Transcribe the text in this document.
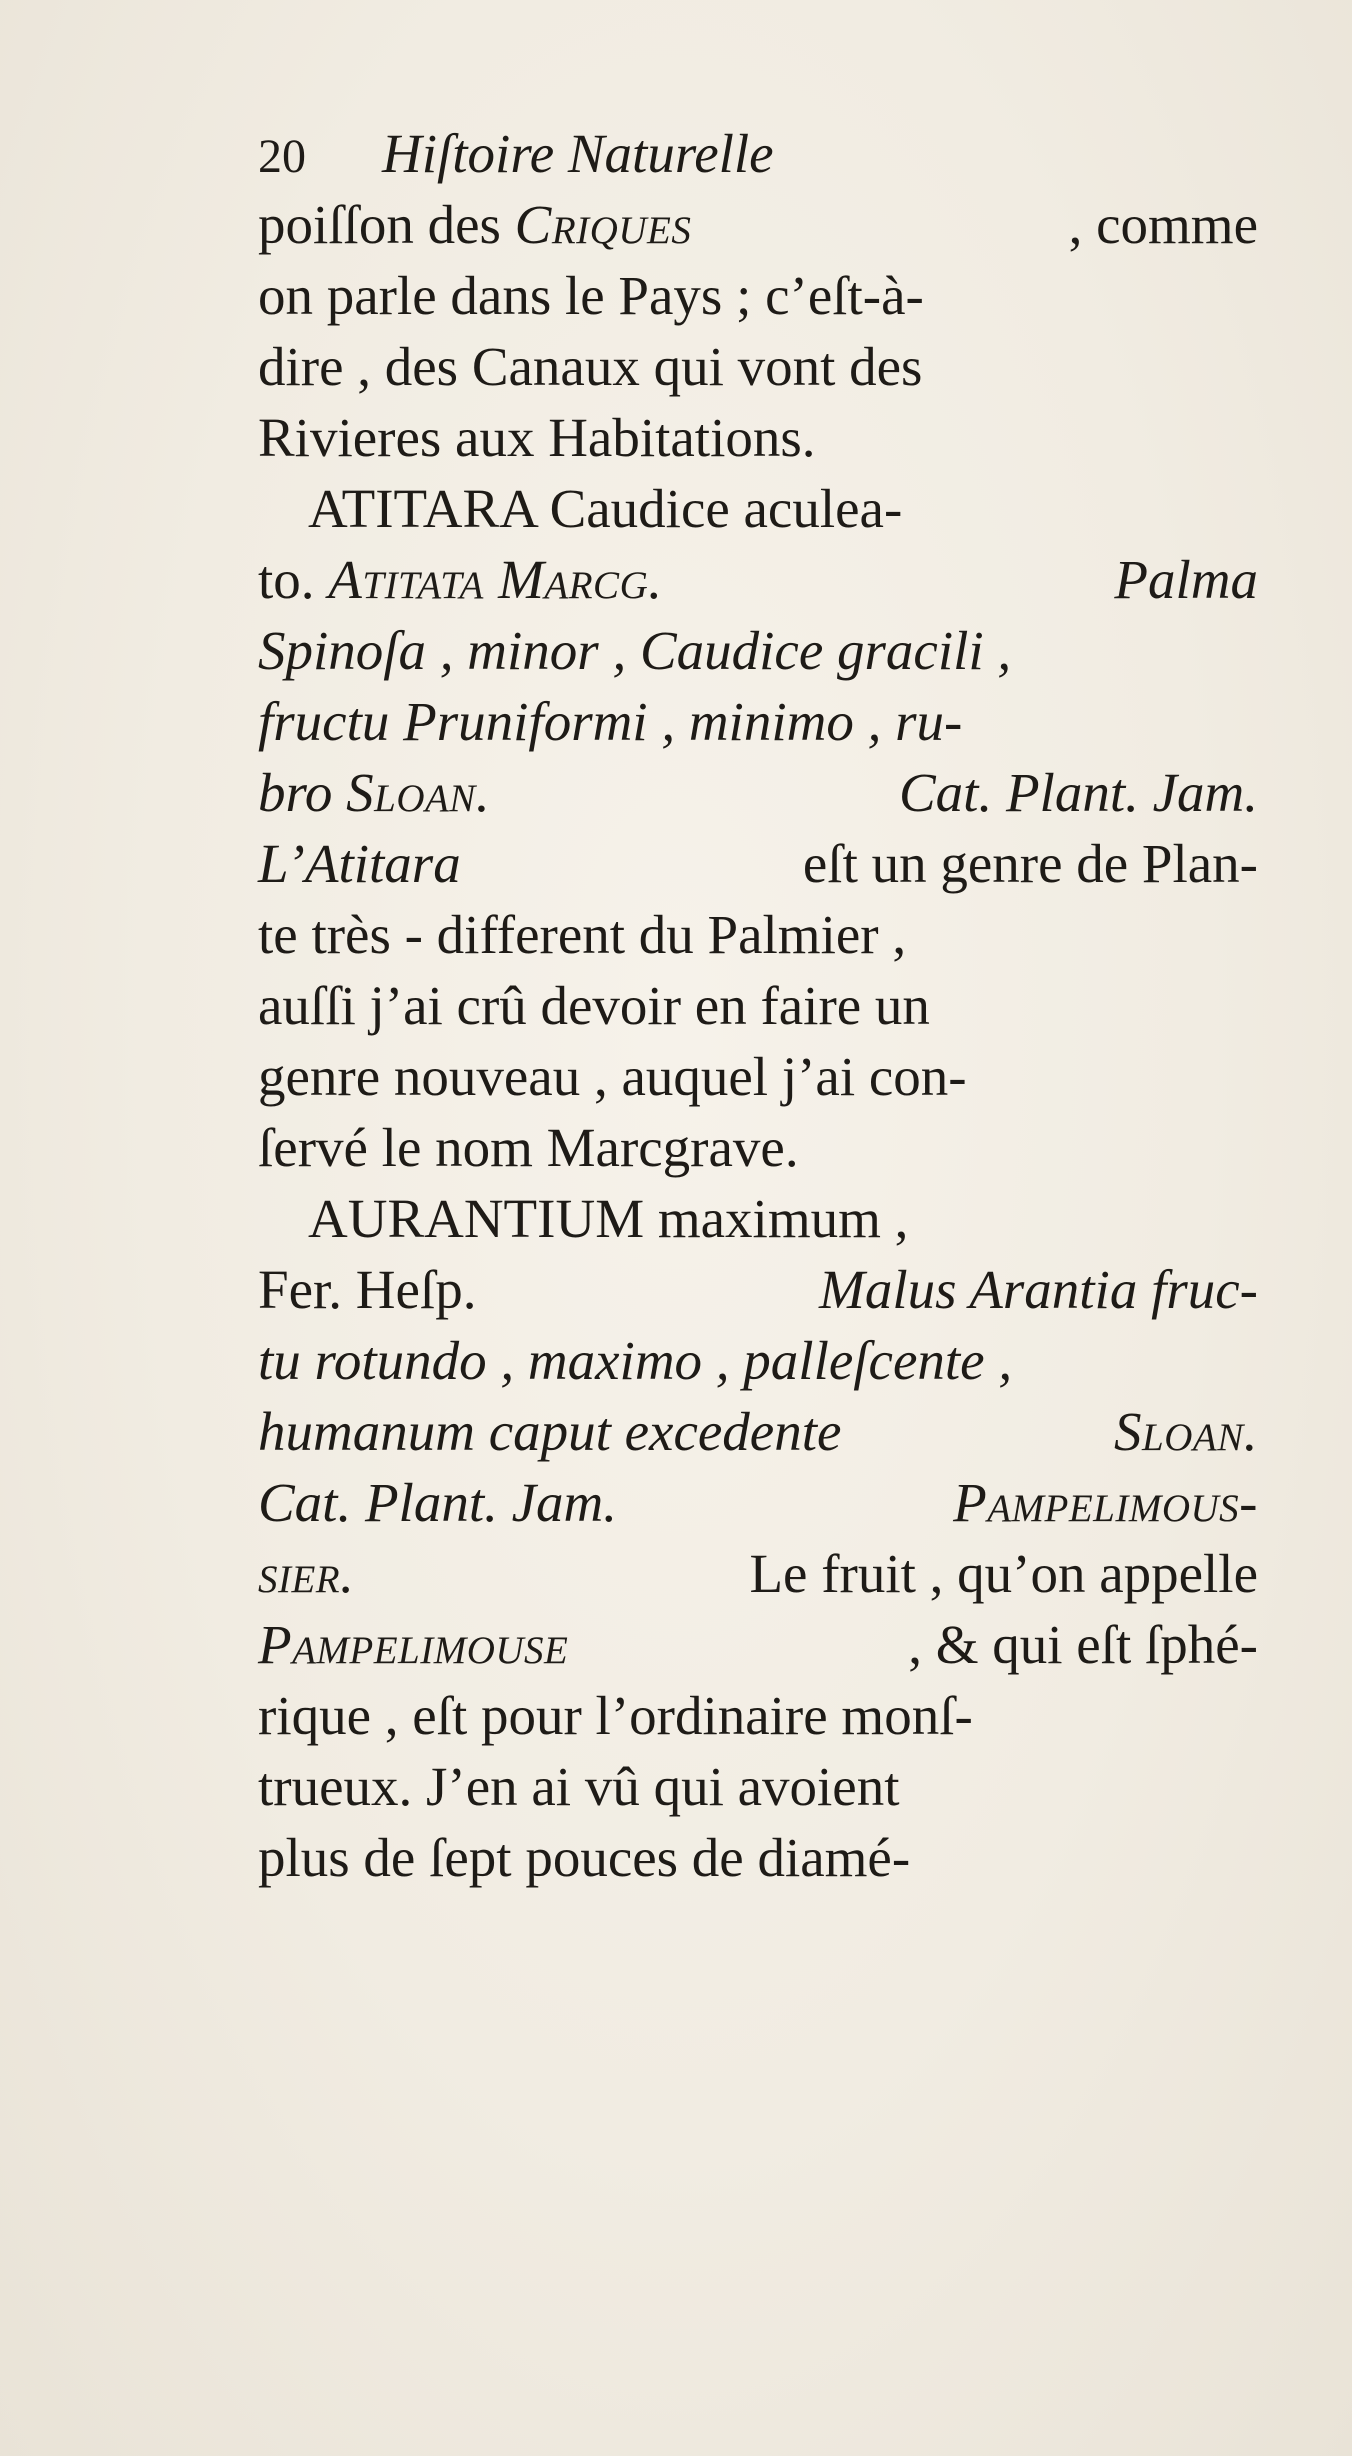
20 Hiſtoire Naturelle
poiſſon des Criques	, comme
on parle dans le Pays ; c’eſt-à-
dire , des Canaux qui vont des
Rivieres aux Habitations.
ATITARA Caudice aculea-
to. Atitata Marcg.	Palma
Spinoſa , minor , Caudice gracili ,
fructu Pruniformi , minimo , ru-
bro Sloan.	Cat. Plant. Jam.
L’Atitara	eſt un genre de Plan-
te très - different du Palmier ,
auſſi j’ai crû devoir en faire un
genre nouveau , auquel j’ai con-
ſervé le nom Marcgrave.
AURANTIUM maximum ,
Fer. Heſp.	Malus Arantia fruc-
tu rotundo , maximo , palleſcente ,
humanum caput excedente	Sloan.
Cat. Plant. Jam.	Pampelimous-
sier.	Le fruit , qu’on appelle
Pampelimouse	, & qui eſt ſphé-
rique , eſt pour l’ordinaire monſ-
trueux. J’en ai vû qui avoient
plus de ſept pouces de diamé-
